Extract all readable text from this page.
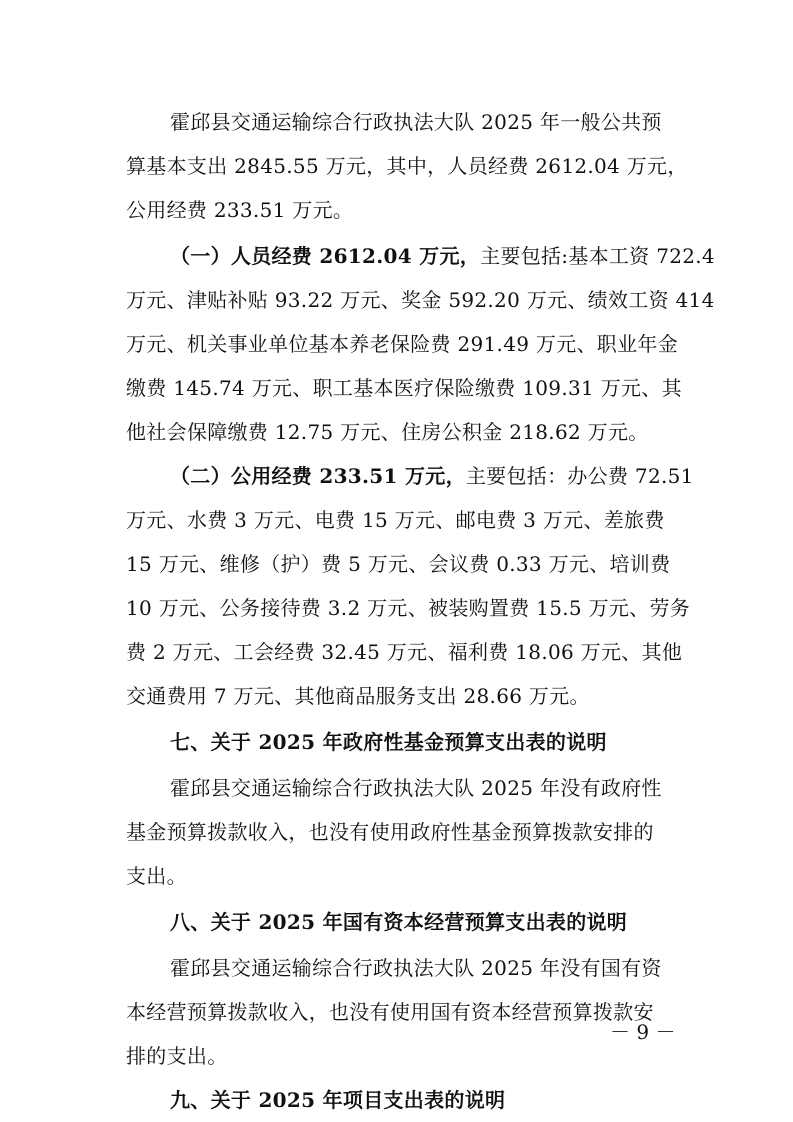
霍邱县交通运输综合行政执法大队 2025 年一般公共预
算基本支出 2845.55 万元，其中，人员经费 2612.04 万元，
公用经费 233.51 万元。
（一）人员经费 2612.04 万元，主要包括:基本工资 722.4
万元、津贴补贴 93.22 万元、奖金 592.20 万元、绩效工资 414
万元、机关事业单位基本养老保险费 291.49 万元、职业年金
缴费 145.74 万元、职工基本医疗保险缴费 109.31 万元、其
他社会保障缴费 12.75 万元、住房公积金 218.62 万元。
（二）公用经费 233.51 万元，主要包括：办公费 72.51
万元、水费 3 万元、电费 15 万元、邮电费 3 万元、差旅费
15 万元、维修（护）费 5 万元、会议费 0.33 万元、培训费
10 万元、公务接待费 3.2 万元、被装购置费 15.5 万元、劳务
费 2 万元、工会经费 32.45 万元、福利费 18.06 万元、其他
交通费用 7 万元、其他商品服务支出 28.66 万元。
七、关于 2025 年政府性基金预算支出表的说明
霍邱县交通运输综合行政执法大队 2025 年没有政府性
基金预算拨款收入，也没有使用政府性基金预算拨款安排的
支出。
八、关于 2025 年国有资本经营预算支出表的说明
霍邱县交通运输综合行政执法大队 2025 年没有国有资
本经营预算拨款收入，也没有使用国有资本经营预算拨款安
排的支出。
九、关于 2025 年项目支出表的说明
－ 9 －
